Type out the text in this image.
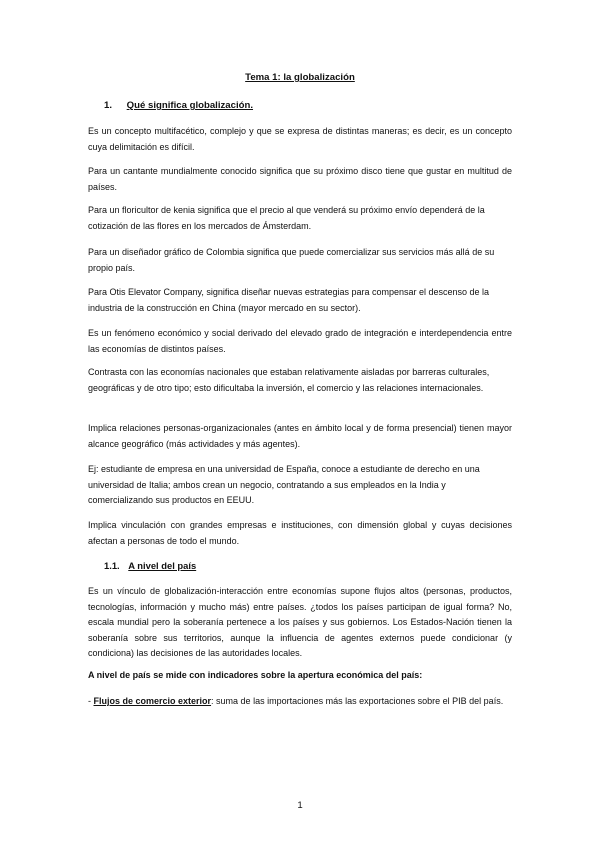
Tema 1: la globalización
1. Qué significa globalización.
Es un concepto multifacético, complejo y que se expresa de distintas maneras; es decir, es un concepto cuya delimitación es difícil.
Para un cantante mundialmente conocido significa que su próximo disco tiene que gustar en multitud de países.
Para un floricultor de kenia significa que el precio al que venderá su próximo envío dependerá de la cotización de las flores en los mercados de Ámsterdam.
Para un diseñador gráfico de Colombia significa que puede comercializar sus servicios más allá de su propio país.
Para Otis Elevator Company, significa diseñar nuevas estrategias para compensar el descenso de la industria de la construcción en China (mayor mercado en su sector).
Es un fenómeno económico y social derivado del elevado grado de integración e interdependencia entre las economías de distintos países.
Contrasta con las economías nacionales que estaban relativamente aisladas por barreras culturales, geográficas y de otro tipo; esto dificultaba la inversión, el comercio y las relaciones internacionales.
Implica relaciones personas-organizacionales (antes en ámbito local y de forma presencial) tienen mayor alcance geográfico (más actividades y más agentes).
Ej: estudiante de empresa en una universidad de España, conoce a estudiante de derecho en una universidad de Italia; ambos crean un negocio, contratando a sus empleados en la India y comercializando sus productos en EEUU.
Implica vinculación con grandes empresas e instituciones, con dimensión global y cuyas decisiones afectan a personas de todo el mundo.
1.1. A nivel del país
Es un vínculo de globalización-interacción entre economías supone flujos altos (personas, productos, tecnologías, información y mucho más) entre países. ¿todos los países participan de igual forma? No, escala mundial pero la soberanía pertenece a los países y sus gobiernos. Los Estados-Nación tienen la soberanía sobre sus territorios, aunque la influencia de agentes externos puede condicionar (y condiciona) las decisiones de las autoridades locales.
A nivel de país se mide con indicadores sobre la apertura económica del país:
- Flujos de comercio exterior: suma de las importaciones más las exportaciones sobre el PIB del país.
1
